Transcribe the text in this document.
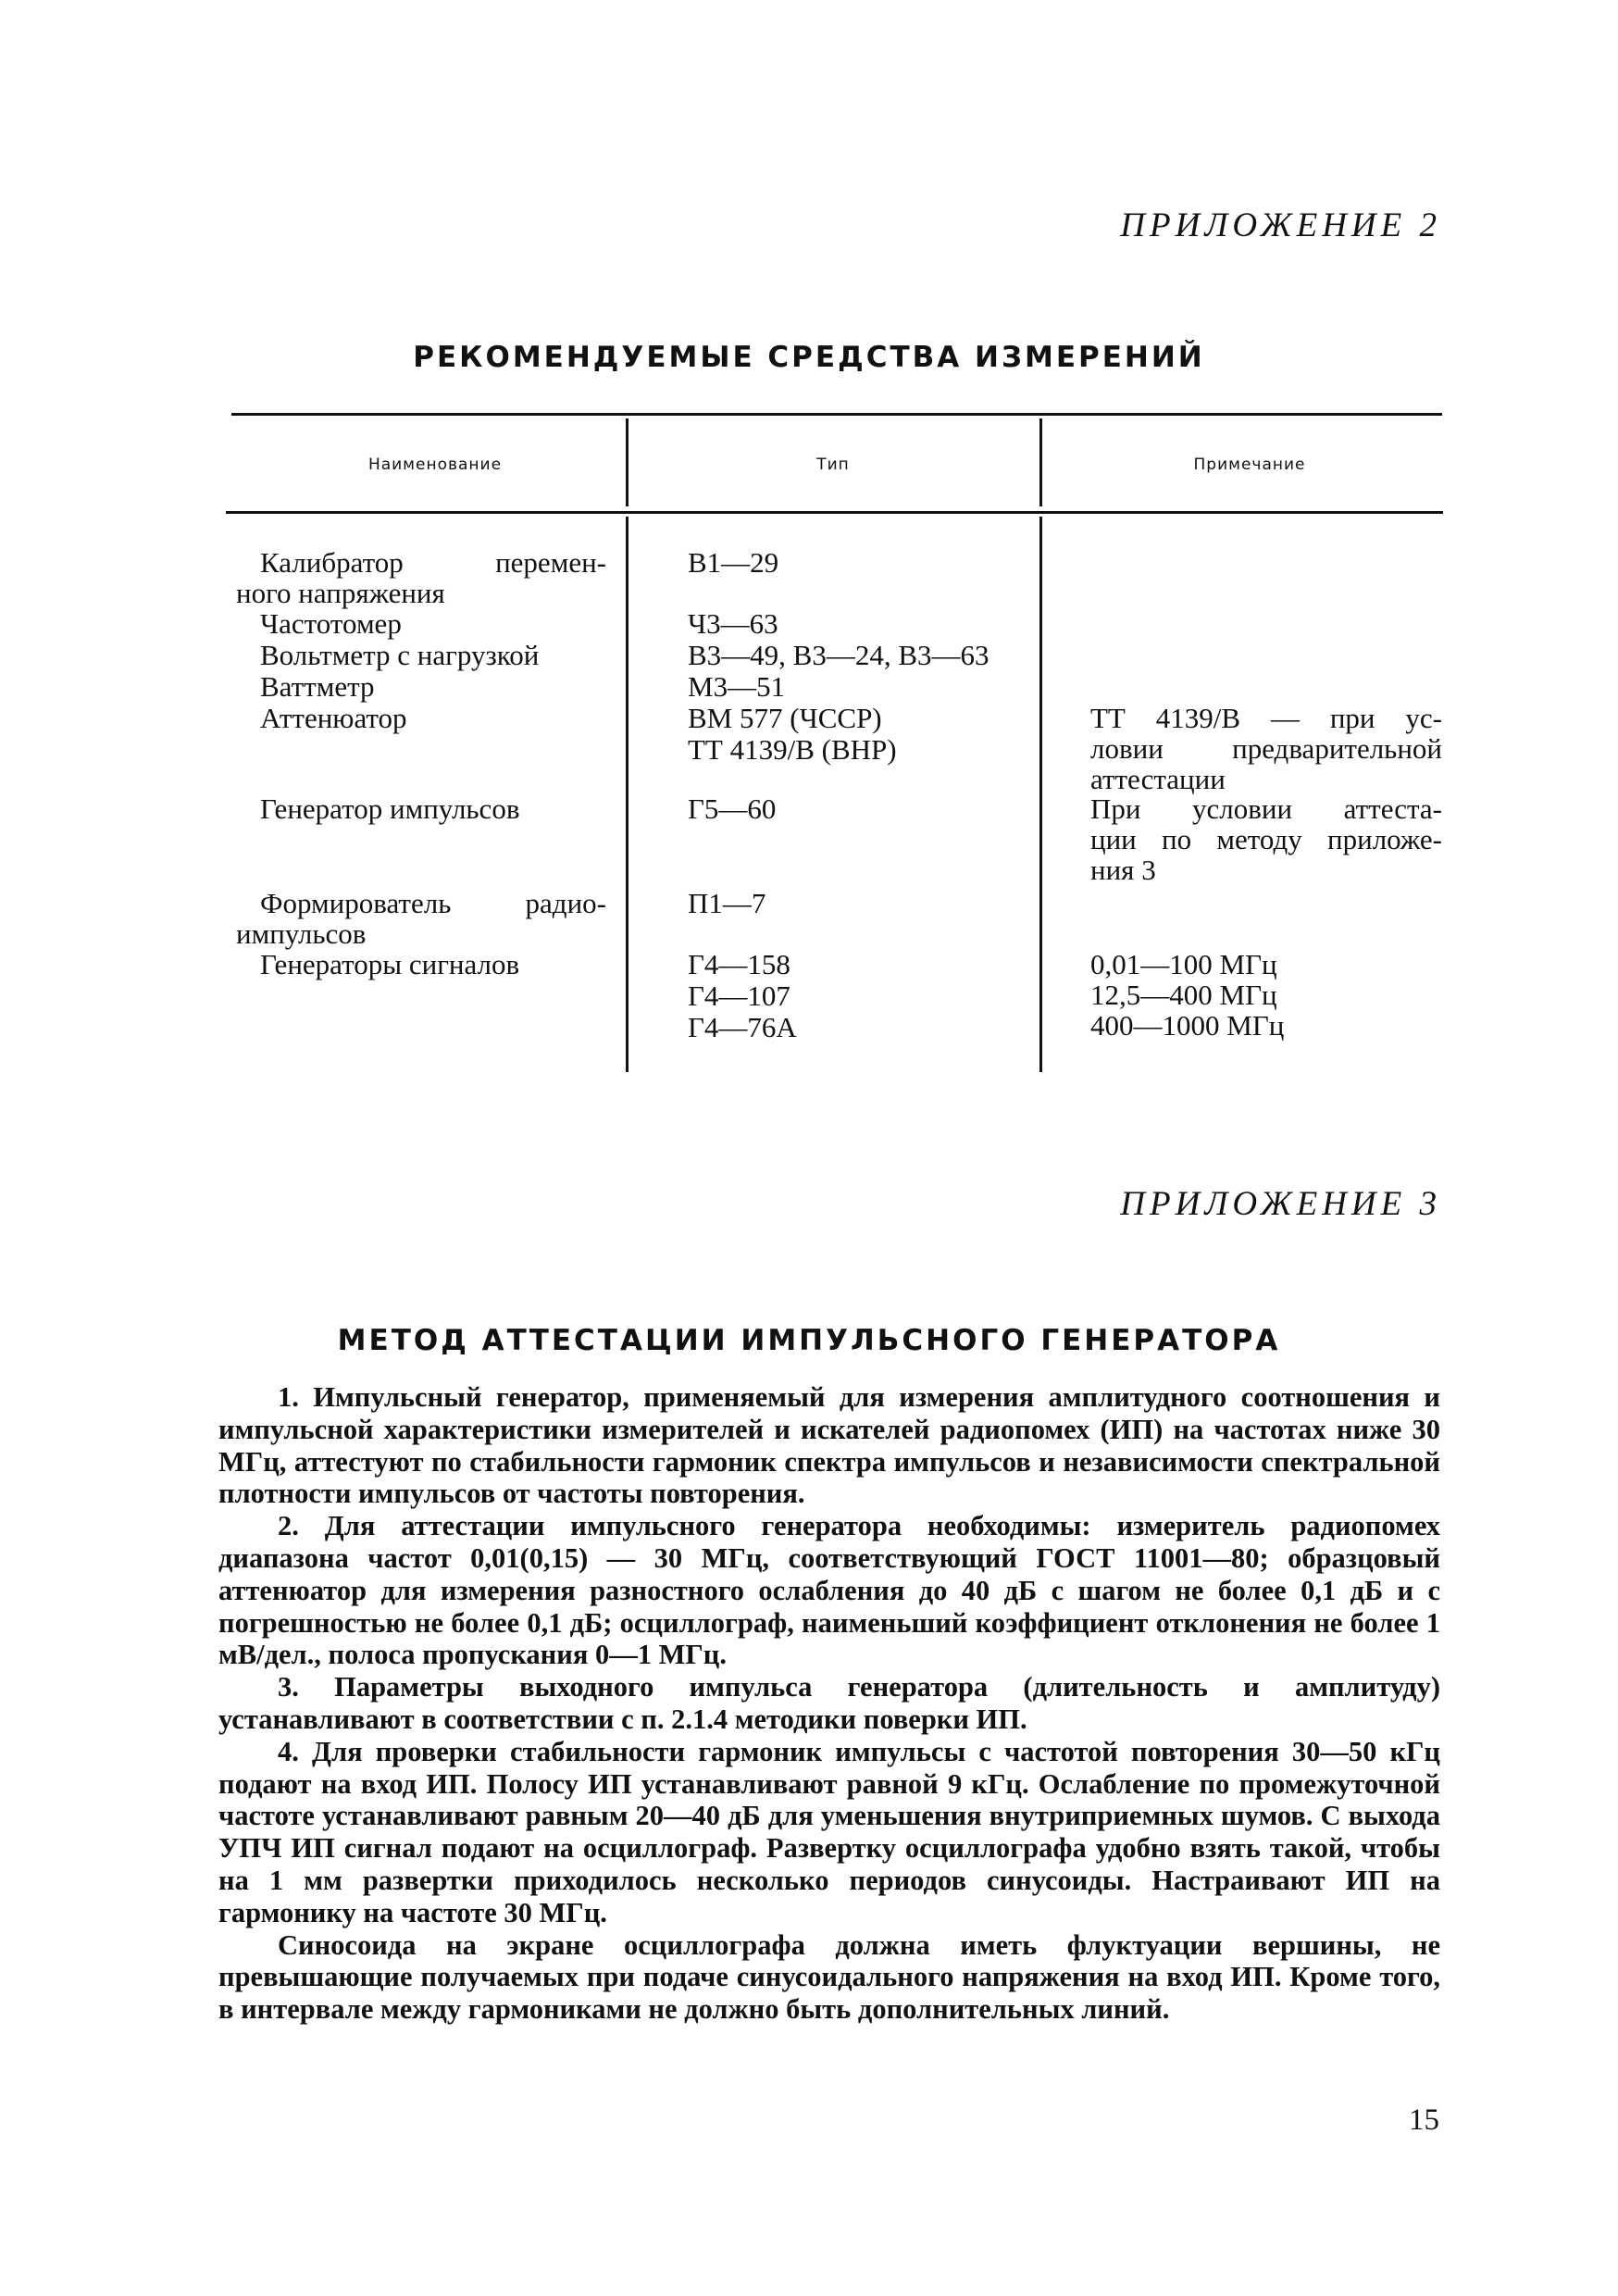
ПРИЛОЖЕНИЕ 2
РЕКОМЕНДУЕМЫЕ СРЕДСТВА ИЗМЕРЕНИЙ
Наименование	Тип	Примечание
Калибратор перемен-
ного напряжения
Частотомер
Вольтметр с нагрузкой
Ваттметр
Аттенюатор
Генератор импульсов
Формирователь радио-
импульсов
Генераторы сигналов
В1—29
Ч3—63
В3—49, В3—24, В3—63
М3—51
ВМ 577 (ЧССР)
ТТ 4139/В (ВНР)
Г5—60
П1—7
Г4—158
Г4—107
Г4—76А
ТТ 4139/В — при ус-
ловии предварительной
аттестации
При условии аттеста-
ции по методу приложе-
ния 3
0,01—100 МГц
12,5—400 МГц
400—1000 МГц
ПРИЛОЖЕНИЕ 3
МЕТОД АТТЕСТАЦИИ ИМПУЛЬСНОГО ГЕНЕРАТОРА

1. Импульсный генератор, применяемый для измерения амплитудного соотношения и импульсной характеристики измерителей и искателей радиопомех (ИП) на частотах ниже 30 МГц, аттестуют по стабильности гармоник спектра импульсов и независимости спектральной плотности импульсов от частоты повторения.

2. Для аттестации импульсного генератора необходимы: измеритель радиопомех диапазона частот 0,01(0,15) — 30 МГц, соответствующий ГОСТ 11001—80; образцовый аттенюатор для измерения разностного ослабления до 40 дБ с шагом не более 0,1 дБ и с погрешностью не более 0,1 дБ; осциллограф, наименьший коэффициент отклонения не более 1 мВ/дел., полоса пропускания 0—1 МГц.

3. Параметры выходного импульса генератора (длительность и амплитуду) устанавливают в соответствии с п. 2.1.4 методики поверки ИП.

4. Для проверки стабильности гармоник импульсы с частотой повторения 30—50 кГц подают на вход ИП. Полосу ИП устанавливают равной 9 кГц. Ослабление по промежуточной частоте устанавливают равным 20—40 дБ для уменьшения внутриприемных шумов. С выхода УПЧ ИП сигнал подают на осциллограф. Развертку осциллографа удобно взять такой, чтобы на 1 мм развертки приходилось несколько периодов синусоиды. Настраивают ИП на гармонику на частоте 30 МГц.

Синосоида на экране осциллографа должна иметь флуктуации вершины, не превышающие получаемых при подаче синусоидального напряжения на вход ИП. Кроме того, в интервале между гармониками не должно быть дополнительных линий.

15
